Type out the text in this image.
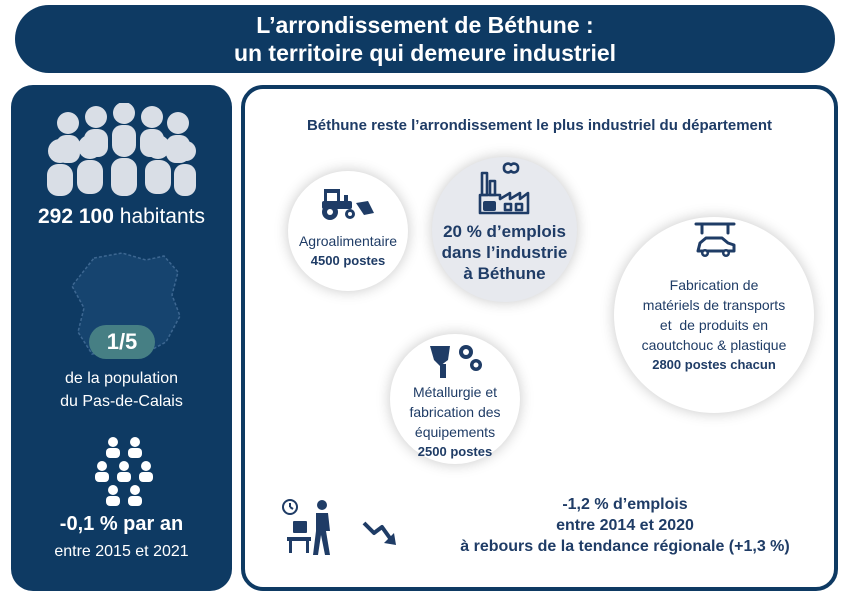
L’arrondissement de Béthune :
un territoire qui demeure industriel
292 100 habitants
1/5
de la population
du Pas-de-Calais
-0,1 % par an
entre 2015 et 2021
Béthune reste l’arrondissement le plus industriel du département
Agroalimentaire
4500 postes
20 % d’emplois
dans l’industrie
à Béthune
Fabrication de
matériels de transports
et  de produits en
caoutchouc & plastique
2800 postes chacun
Métallurgie et
fabrication des
équipements
2500 postes
-1,2 % d’emplois
entre 2014 et 2020
à rebours de la tendance régionale (+1,3 %)
